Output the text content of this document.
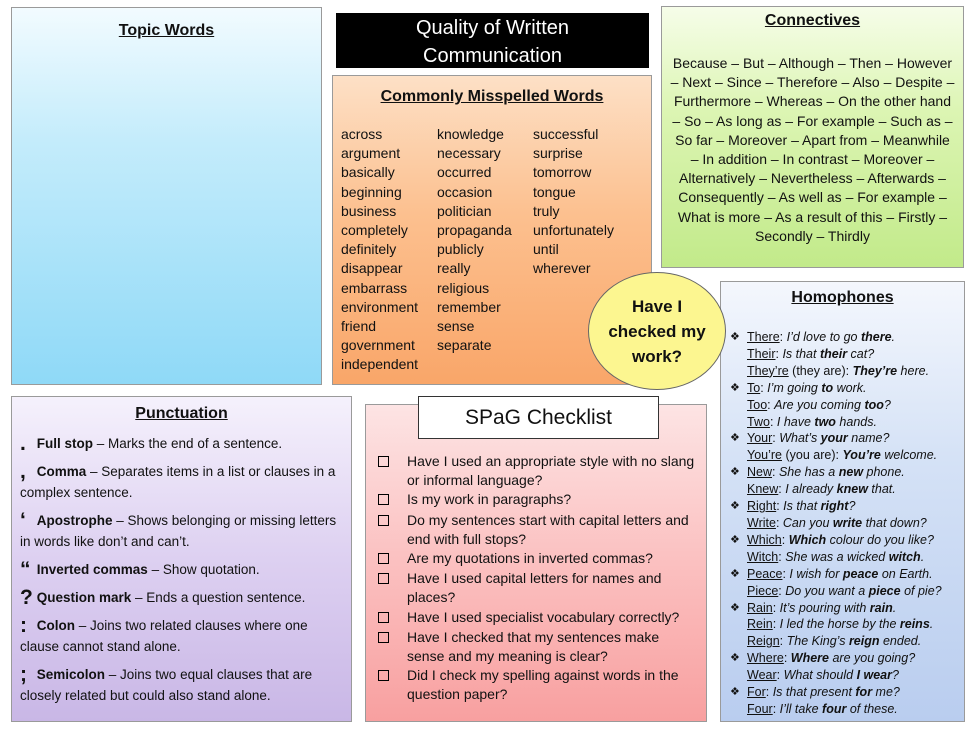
Topic Words	Quality of Written
Communication
Commonly Misspelled Words
across
argument
basically
beginning
business
completely
definitely
disappear
embarrass
environment
friend
government
independent
knowledge
necessary
occurred
occasion
politician
propaganda
publicly
really
religious
remember
sense
separate
successful
surprise
tomorrow
tongue
truly
unfortunately
until
wherever
Connectives
Because – But – Although – Then – However – Next – Since – Therefore – Also – Despite – Furthermore – Whereas – On the other hand – So – As long as – For example – Such as – So far – Moreover – Apart from – Meanwhile – In addition – In contrast – Moreover – Alternatively – Nevertheless – Afterwards – Consequently – As well as – For example – What is more – As a result of this – Firstly – Secondly – Thirdly
Have I checked my work?
Homophones
❖ There: I’d love to go there.
Their: Is that their cat?
They’re (they are): They’re here.
❖ To: I’m going to work.
Too: Are you coming too?
Two: I have two hands.
❖ Your: What’s your name?
You’re (you are): You’re welcome.
❖ New: She has a new phone.
Knew: I already knew that.
❖ Right: Is that right?
Write: Can you write that down?
❖ Which: Which colour do you like?
Witch: She was a wicked witch.
❖ Peace: I wish for peace on Earth.
Piece: Do you want a piece of pie?
❖ Rain: It’s pouring with rain.
Rein: I led the horse by the reins.
Reign: The King’s reign ended.
❖ Where: Where are you going?
Wear: What should I wear?
❖ For: Is that present for me?
Four: I’ll take four of these.
Punctuation
. Full stop – Marks the end of a sentence.
, Comma – Separates items in a list or clauses in a complex sentence.
‘ Apostrophe – Shows belonging or missing letters in words like don’t and can’t.
“ Inverted commas – Show quotation.
? Question mark – Ends a question sentence.
: Colon – Joins two related clauses where one clause cannot stand alone.
; Semicolon – Joins two equal clauses that are closely related but could also stand alone.
Have I used an appropriate style with no slang or informal language?
Is my work in paragraphs?
Do my sentences start with capital letters and end with full stops?
Are my quotations in inverted commas?
Have I used capital letters for names and places?
Have I used specialist vocabulary correctly?
Have I checked that my sentences make sense and my meaning is clear?
Did I check my spelling against words in the question paper?
SPaG Checklist
